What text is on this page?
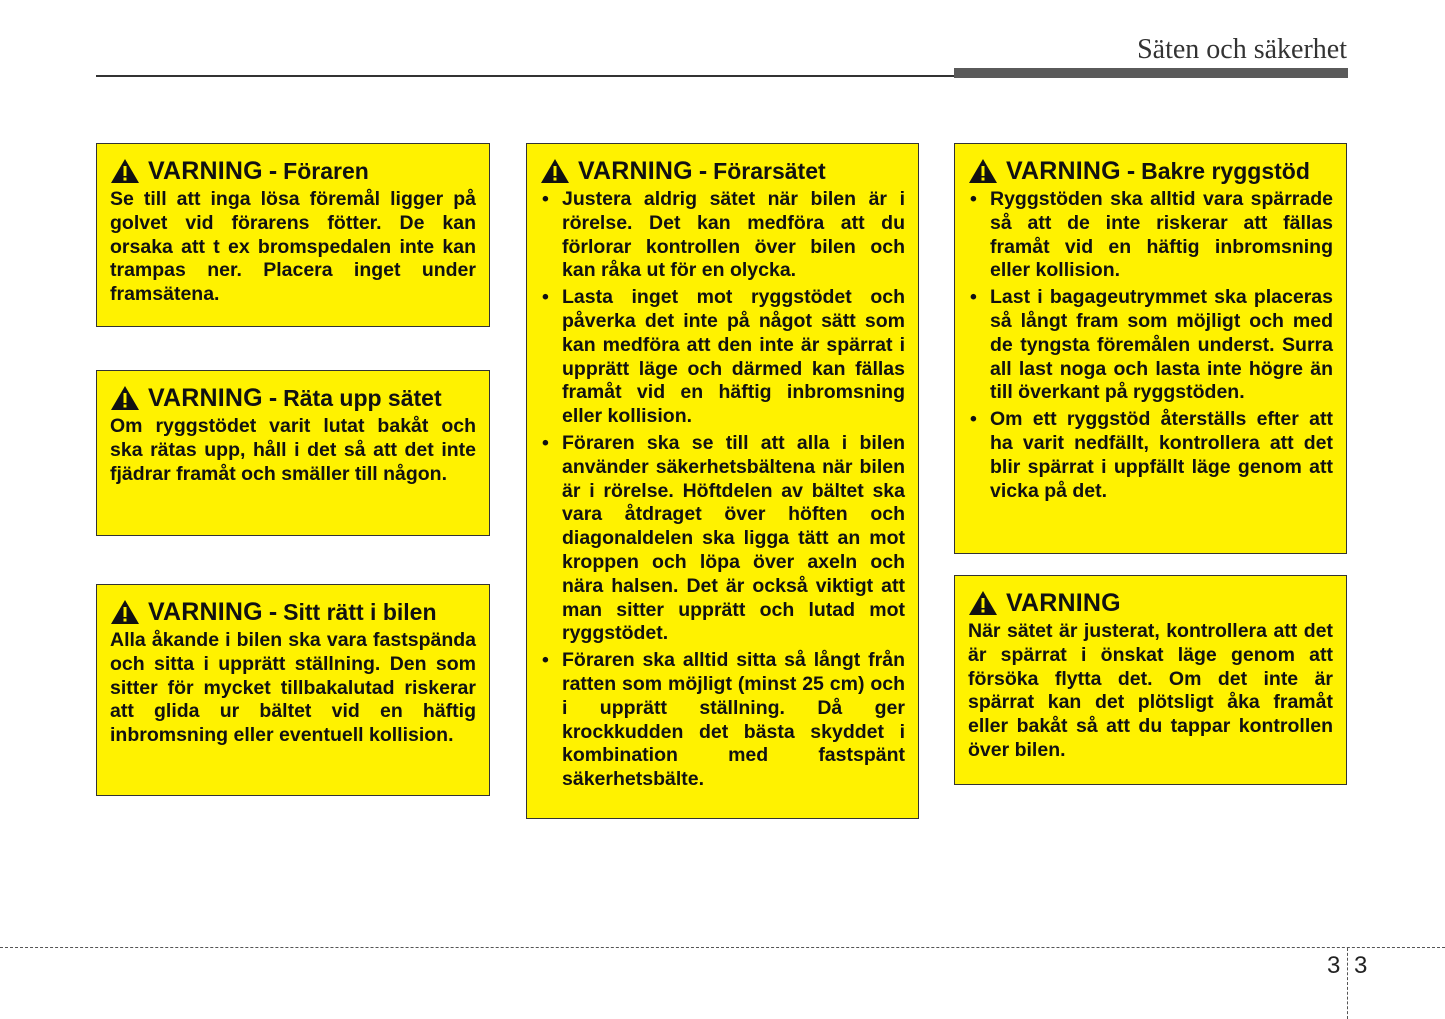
Säten och säkerhet
VARNING - Föraren

Se till att inga lösa föremål ligger på golvet vid förarens fötter. De kan orsaka att t ex bromspedalen inte kan trampas ner. Placera inget under framsätena.

VARNING - Räta upp sätet

Om ryggstödet varit lutat bakåt och ska rätas upp, håll i det så att det inte fjädrar framåt och smäller till någon.

VARNING - Sitt rätt i bilen

Alla åkande i bilen ska vara fastspända och sitta i upprätt ställning. Den som sitter för mycket tillbakalutad riskerar att glida ur bältet vid en häftig inbromsning eller eventuell kollision.

VARNING - Förarsätet
• Justera aldrig sätet när bilen är i rörelse. Det kan medföra att du förlorar kontrollen över bilen och kan råka ut för en olycka.
• Lasta inget mot ryggstödet och påverka det inte på något sätt som kan medföra att den inte är spärrat i upprätt läge och därmed kan fällas framåt vid en häftig inbromsning eller kollision.
• Föraren ska se till att alla i bilen använder säkerhetsbältena när bilen är i rörelse. Höftdelen av bältet ska vara åtdraget över höften och diagonaldelen ska ligga tätt an mot kroppen och löpa över axeln och nära halsen. Det är också viktigt att man sitter upprätt och lutad mot ryggstödet.
• Föraren ska alltid sitta så långt från ratten som möjligt (minst 25 cm) och i upprätt ställning. Då ger krockkudden det bästa skyddet i kombination med fastspänt säkerhetsbälte.
VARNING - Bakre ryggstöd
• Ryggstöden ska alltid vara spärrade så att de inte riskerar att fällas framåt vid en häftig inbromsning eller kollision.
• Last i bagageutrymmet ska placeras så långt fram som möjligt och med de tyngsta föremålen underst. Surra all last noga och lasta inte högre än till överkant på ryggstöden.
• Om ett ryggstöd återställs efter att ha varit nedfällt, kontrollera att det blir spärrat i uppfällt läge genom att vicka på det.
VARNING

När sätet är justerat, kontrollera att det är spärrat i önskat läge genom att försöka flytta det. Om det inte är spärrat kan det plötsligt åka framåt eller bakåt så att du tappar kontrollen över bilen.

3 3
